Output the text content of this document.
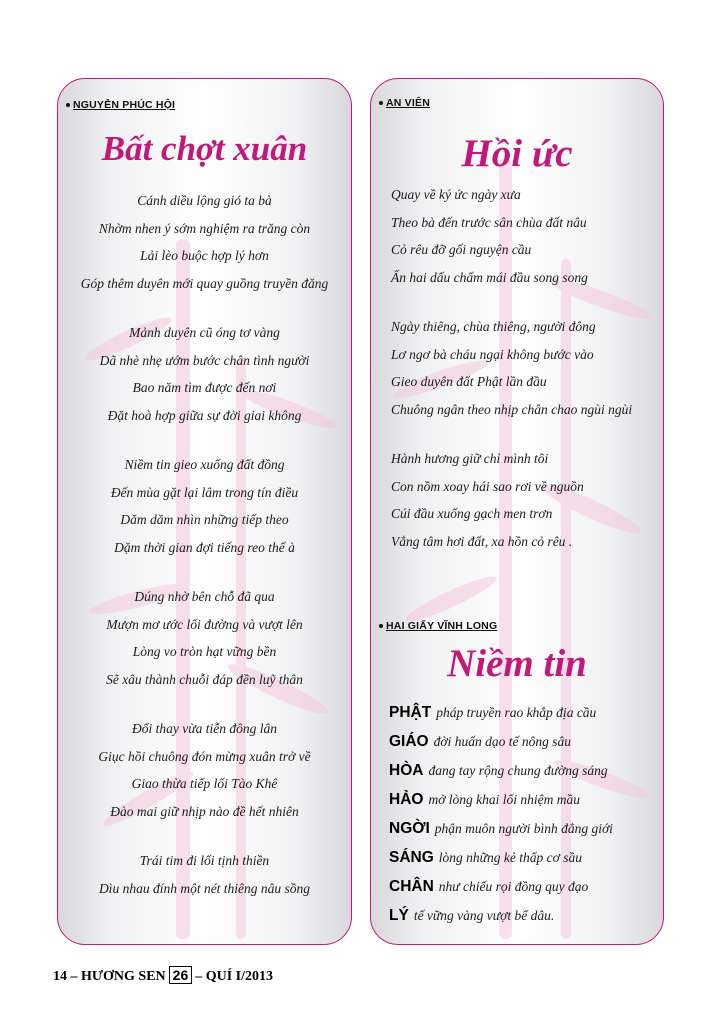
NGUYỄN PHÚC HỘI
Bất chợt xuân
Cánh diều lộng gió ta bà
Nhờm nhen ý sớm nghiệm ra trăng còn
Lải lèo buộc hợp lý hơn
Góp thêm duyên mới quay guồng truyền đăng
Mảnh duyên cũ óng tơ vàng
Dã nhè nhẹ ướm bước chân tình người
Bao năm tìm được đến nơi
Đặt hoà hợp giữa sự đời giai không
Niềm tin gieo xuống đất đồng
Đến mùa gặt lại lâm trong tín điều
Dăm dăm nhìn những tiếp theo
Dặm thời gian đợi tiếng reo thế à
Dúng nhờ bên chỗ đã qua
Mượn mơ ước lối đường và vượt lên
Lòng vo tròn hạt vững bền
Sẽ xâu thành chuỗi đáp đền luỹ thân
Đổi thay vừa tiễn đông lân
Giục hồi chuông đón mừng xuân trở về
Giao thừa tiếp lối Tào Khê
Đào mai giữ nhịp nào đề hết nhiên
Trái tim đi lối tịnh thiền
Dìu nhau đính một nét thiêng nâu sồng
AN VIÊN
Hồi ức
Quay về ký ức ngày xưa
Theo bà đến trước sân chùa đất nâu
Cỏ rêu đỡ gối nguyện cầu
Ấn hai dấu chấm mái đầu song song
Ngày thiêng, chùa thiêng, người đông
Lơ ngơ bà cháu ngại không bước vào
Gieo duyên đất Phật lần đầu
Chuông ngân theo nhịp chân chao ngùi ngùi
Hành hương giữ chỉ mình tôi
Con nồm xoay hái sao rơi về nguồn
Cúi đầu xuống gạch men trơn
Vắng tâm hơi đất, xa hồn cỏ rêu .
HAI GIẤY VĨNH LONG
Niềm tin
PHẬT pháp truyền rao khắp địa cầu
GIÁO đời huấn dạo tế nông sâu
HÒA đang tay rộng chung đường sáng
HẢO mở lòng khai lối nhiệm mầu
NGỜI phận muôn người bình đẳng giới
SÁNG lòng những kẻ thấp cơ sầu
CHÂN như chiếu rọi đồng quy đạo
LÝ tế vững vàng vượt bể dâu.
14 – HƯƠNG SEN 26 – QUÍ I/2013
